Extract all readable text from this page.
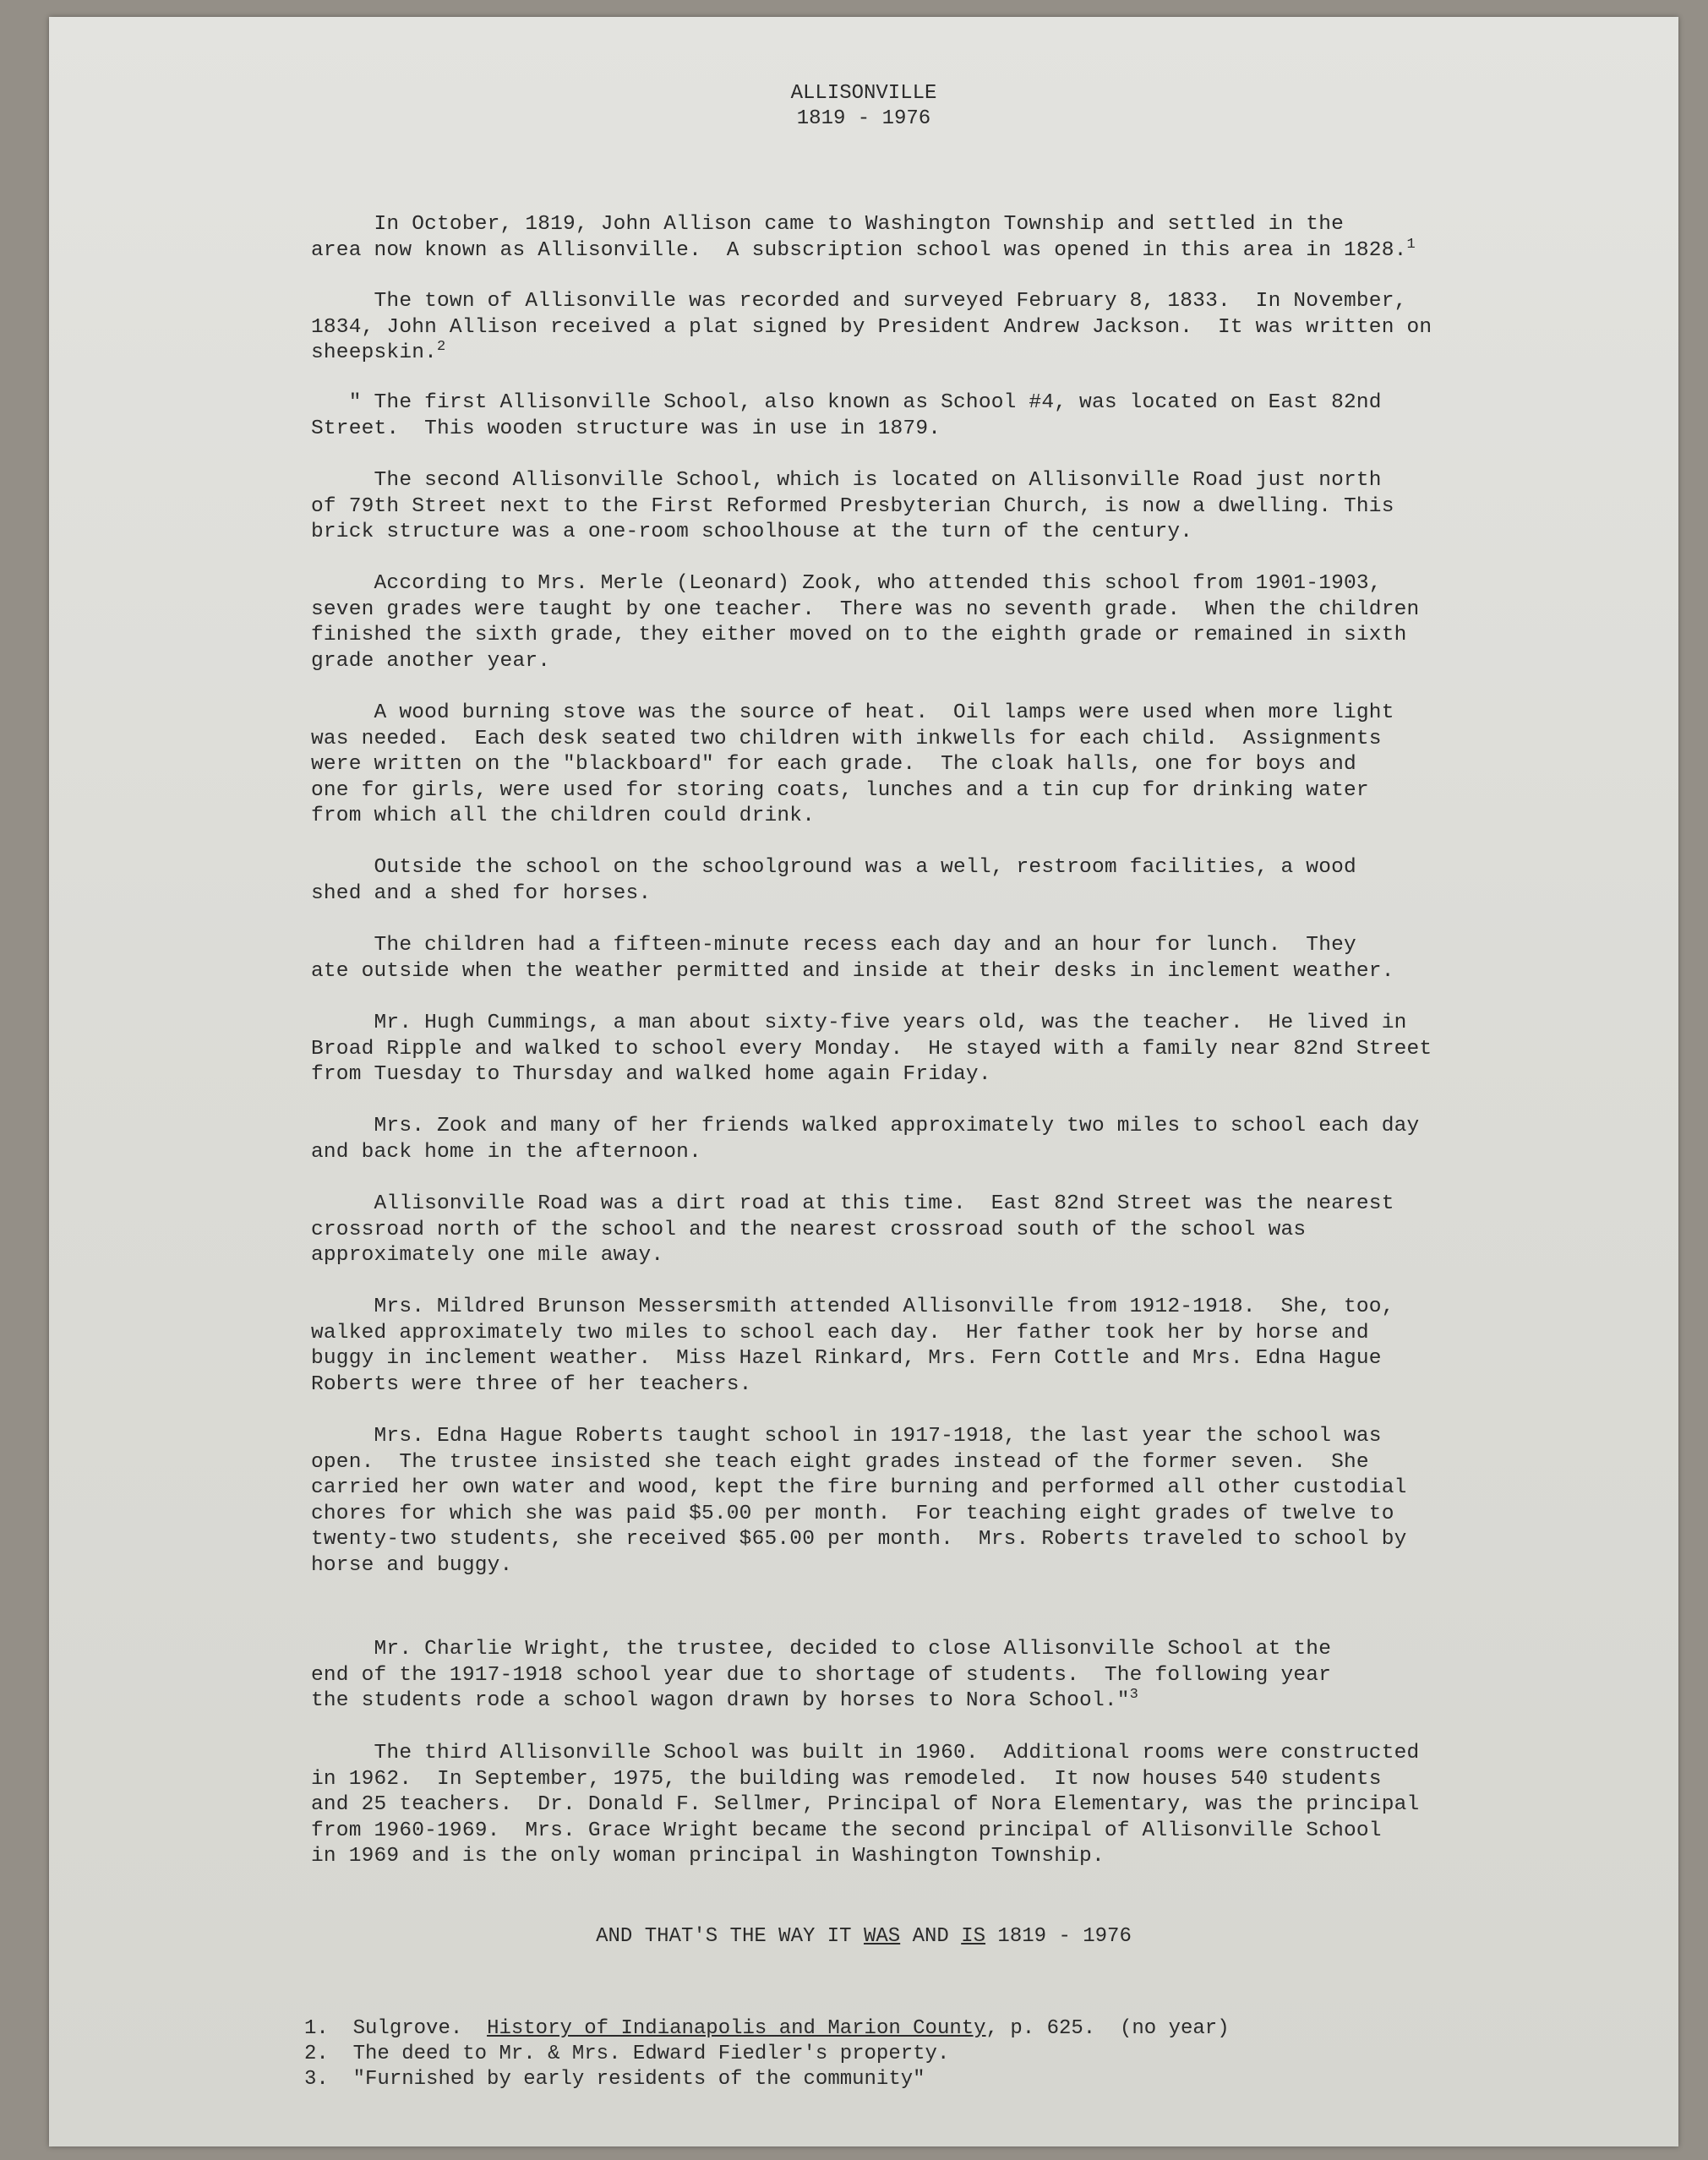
ALLISONVILLE
1819 - 1976
In October, 1819, John Allison came to Washington Township and settled in the
area now known as Allisonville.  A subscription school was opened in this area in 1828.$^1$
The town of Allisonville was recorded and surveyed February 8, 1833.  In November,
1834, John Allison received a plat signed by President Andrew Jackson.  It was written on
sheepskin.$^2$
" The first Allisonville School, also known as School #4, was located on East 82nd
Street.  This wooden structure was in use in 1879.
The second Allisonville School, which is located on Allisonville Road just north
of 79th Street next to the First Reformed Presbyterian Church, is now a dwelling. This
brick structure was a one-room schoolhouse at the turn of the century.
According to Mrs. Merle (Leonard) Zook, who attended this school from 1901-1903,
seven grades were taught by one teacher.  There was no seventh grade.  When the children
finished the sixth grade, they either moved on to the eighth grade or remained in sixth
grade another year.
A wood burning stove was the source of heat.  Oil lamps were used when more light
was needed.  Each desk seated two children with inkwells for each child.  Assignments
were written on the "blackboard" for each grade.  The cloak halls, one for boys and
one for girls, were used for storing coats, lunches and a tin cup for drinking water
from which all the children could drink.
Outside the school on the schoolground was a well, restroom facilities, a wood
shed and a shed for horses.
The children had a fifteen-minute recess each day and an hour for lunch.  They
ate outside when the weather permitted and inside at their desks in inclement weather.
Mr. Hugh Cummings, a man about sixty-five years old, was the teacher.  He lived in
Broad Ripple and walked to school every Monday.  He stayed with a family near 82nd Street
from Tuesday to Thursday and walked home again Friday.
Mrs. Zook and many of her friends walked approximately two miles to school each day
and back home in the afternoon.
Allisonville Road was a dirt road at this time.  East 82nd Street was the nearest
crossroad north of the school and the nearest crossroad south of the school was
approximately one mile away.
Mrs. Mildred Brunson Messersmith attended Allisonville from 1912-1918.  She, too,
walked approximately two miles to school each day.  Her father took her by horse and
buggy in inclement weather.  Miss Hazel Rinkard, Mrs. Fern Cottle and Mrs. Edna Hague
Roberts were three of her teachers.
Mrs. Edna Hague Roberts taught school in 1917-1918, the last year the school was
open.  The trustee insisted she teach eight grades instead of the former seven.  She
carried her own water and wood, kept the fire burning and performed all other custodial
chores for which she was paid $5.00 per month.  For teaching eight grades of twelve to
twenty-two students, she received $65.00 per month.  Mrs. Roberts traveled to school by
horse and buggy.
Mr. Charlie Wright, the trustee, decided to close Allisonville School at the
end of the 1917-1918 school year due to shortage of students.  The following year
the students rode a school wagon drawn by horses to Nora School."$^3$
The third Allisonville School was built in 1960.  Additional rooms were constructed
in 1962.  In September, 1975, the building was remodeled.  It now houses 540 students
and 25 teachers.  Dr. Donald F. Sellmer, Principal of Nora Elementary, was the principal
from 1960-1969.  Mrs. Grace Wright became the second principal of Allisonville School
in 1969 and is the only woman principal in Washington Township.
AND THAT'S THE WAY IT WAS AND IS 1819 - 1976
1. Sulgrove.  History of Indianapolis and Marion County, p. 625.  (no year)
2. The deed to Mr. & Mrs. Edward Fiedler's property.
3. "Furnished by early residents of the community"
